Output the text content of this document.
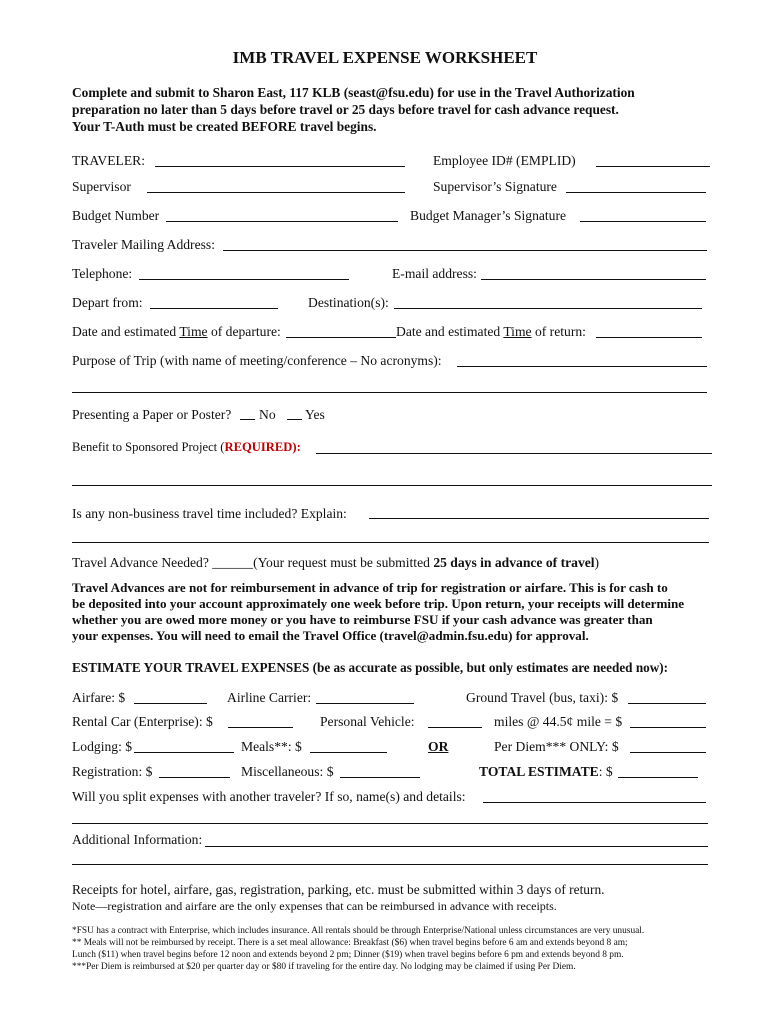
IMB TRAVEL EXPENSE WORKSHEET
Complete and submit to Sharon East, 117 KLB (seast@fsu.edu) for use in the Travel Authorization
preparation no later than 5 days before travel or 25 days before travel for cash advance request.
Your T-Auth must be created BEFORE travel begins.
TRAVELER:	Employee ID# (EMPLID)
Supervisor	Supervisor’s Signature
Budget Number	Budget Manager’s Signature
Traveler Mailing Address:
Telephone:	E-mail address:
Depart from:	Destination(s):
Date and estimated Time of departure:	Date and estimated Time of return:
Purpose of Trip (with name of meeting/conference – No acronyms):
Presenting a Paper or Poster? No Yes
Benefit to Sponsored Project (REQUIRED):
Is any non-business travel time included? Explain:
Travel Advance Needed? ______(Your request must be submitted 25 days in advance of travel)
Travel Advances are not for reimbursement in advance of trip for registration or airfare. This is for cash to
be deposited into your account approximately one week before trip. Upon return, your receipts will determine
whether you are owed more money or you have to reimburse FSU if your cash advance was greater than
your expenses. You will need to email the Travel Office (travel@admin.fsu.edu) for approval.
ESTIMATE YOUR TRAVEL EXPENSES (be as accurate as possible, but only estimates are needed now):
Airfare: $	Airline Carrier:	Ground Travel (bus, taxi): $
Rental Car (Enterprise): $	Personal Vehicle:	miles @ 44.5¢ mile = $
Lodging: $	Meals**: $	OR	Per Diem*** ONLY: $
Registration: $	Miscellaneous: $	TOTAL ESTIMATE: $
Will you split expenses with another traveler? If so, name(s) and details:
Additional Information:
Receipts for hotel, airfare, gas, registration, parking, etc. must be submitted within 3 days of return.
Note—registration and airfare are the only expenses that can be reimbursed in advance with receipts.
*FSU has a contract with Enterprise, which includes insurance. All rentals should be through Enterprise/National unless circumstances are very unusual.
** Meals will not be reimbursed by receipt. There is a set meal allowance: Breakfast ($6) when travel begins before 6 am and extends beyond 8 am;
Lunch ($11) when travel begins before 12 noon and extends beyond 2 pm; Dinner ($19) when travel begins before 6 pm and extends beyond 8 pm.
***Per Diem is reimbursed at $20 per quarter day or $80 if traveling for the entire day. No lodging may be claimed if using Per Diem.
